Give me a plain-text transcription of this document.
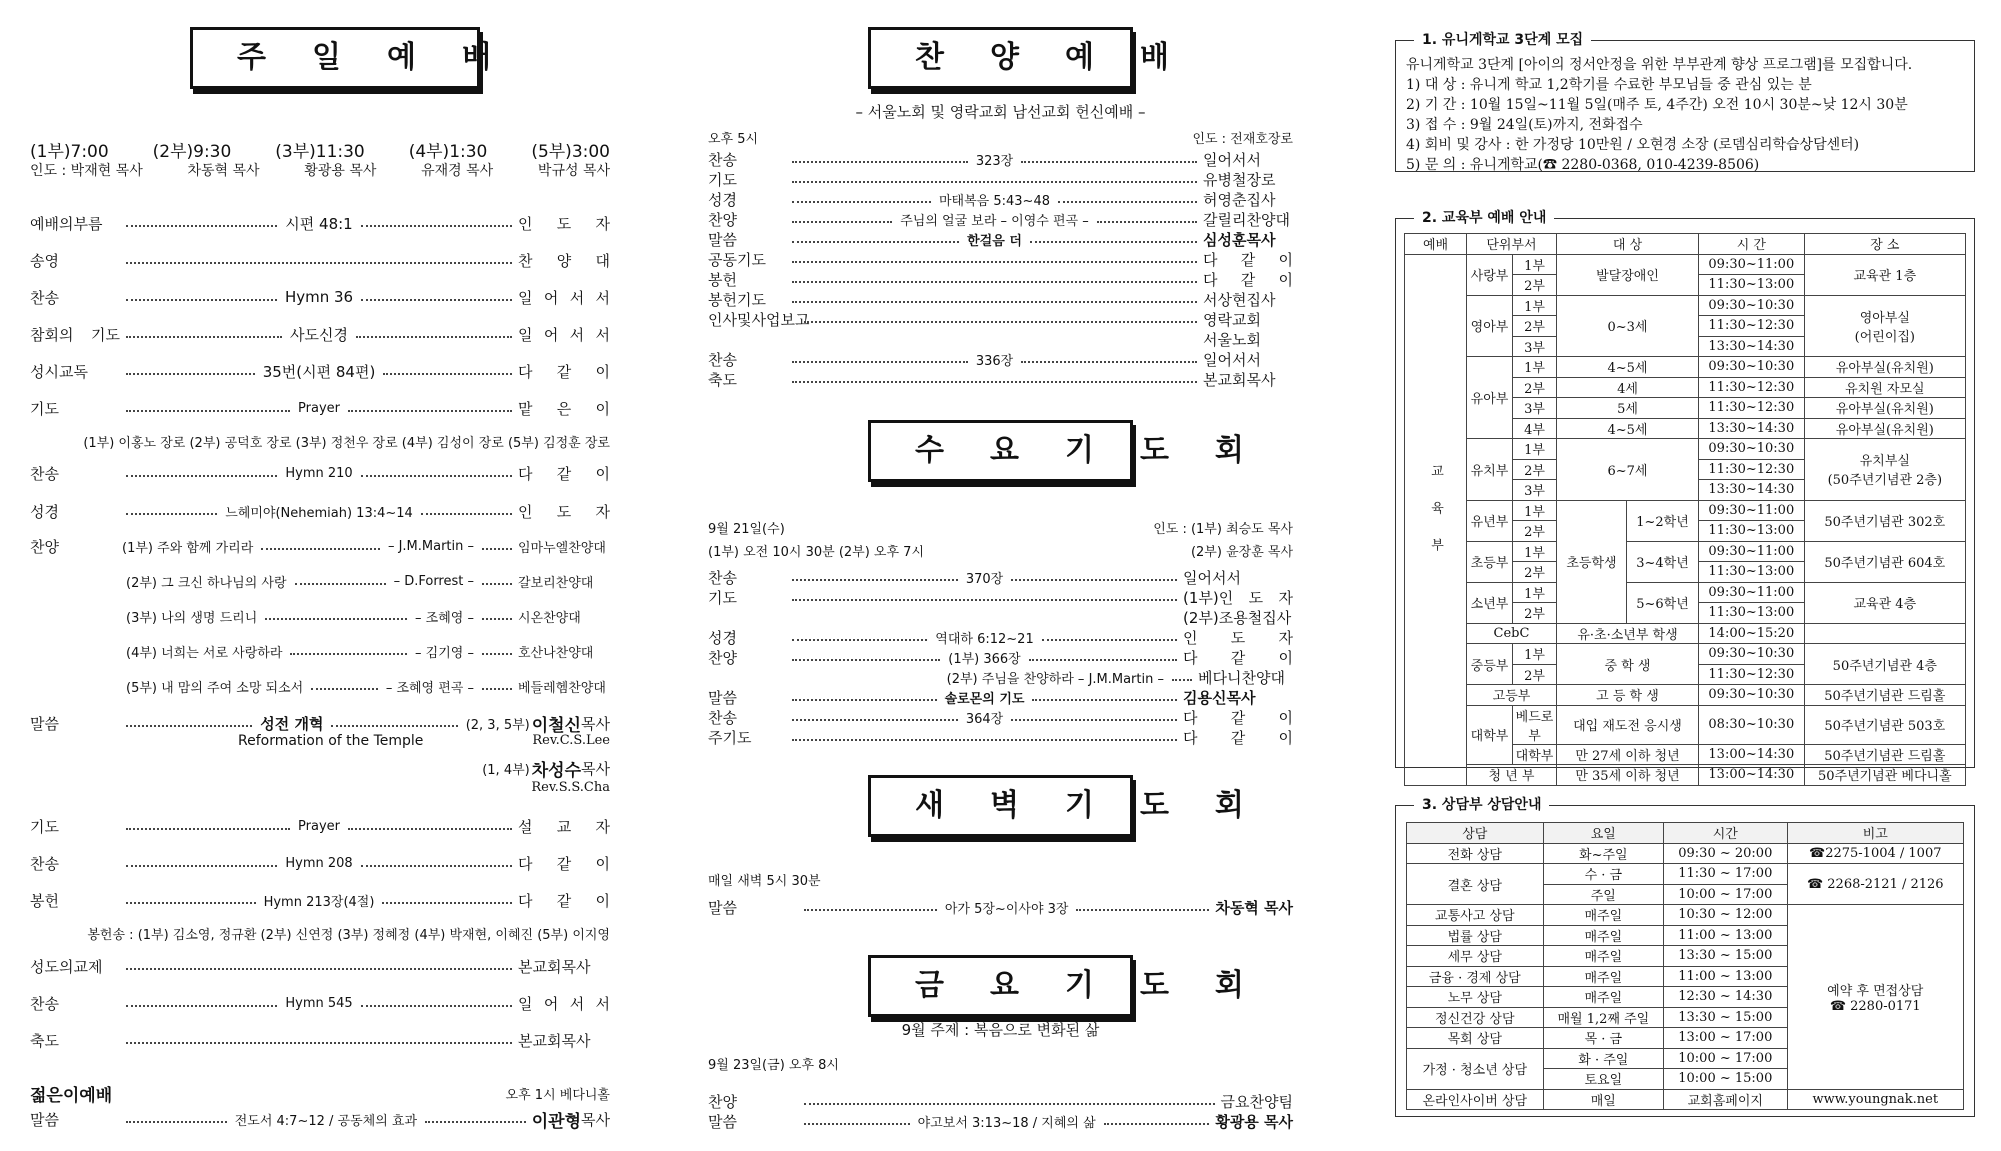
주일예배
(1부)7:00	(2부)9:30	(3부)11:30	(4부)1:30	(5부)3:00
인도 : 박재현 목사	차동혁 목사	황광용 목사	유재경 목사	박규성 목사
예배의부름	시편 48:1	인 도 자
송영	찬 양 대
찬송	Hymn 36	일 어 서 서
참회의 기도	사도신경	일 어 서 서
성시교독	35번(시편 84편)	다 같 이
기도	Prayer	맡 은 이
(1부) 이홍노 장로 (2부) 공덕호 장로 (3부) 정천우 장로 (4부) 김성이 장로 (5부) 김정훈 장로
찬송	Hymn 210	다 같 이
성경	느헤미야(Nehemiah) 13:4~14	인 도 자
찬양	(1부) 주와 함께 가리라	– J.M.Martin –	임마누엘찬양대
(2부) 그 크신 하나님의 사랑	– D.Forrest –	갈보리찬양대
(3부) 나의 생명 드리니	– 조혜영 –	시온찬양대
(4부) 너희는 서로 사랑하라	– 김기영 –	호산나찬양대
(5부) 내 맘의 주여 소망 되소서	– 조혜영 편곡 –	베들레헴찬양대
말씀	성전 개혁	(2, 3, 5부) 이철신 목사
Reformation of the Temple	Rev.C.S.Lee
(1, 4부) 차성수 목사
Rev.S.S.Cha
기도	Prayer	설 교 자
찬송	Hymn 208	다 같 이
봉헌	Hymn 213장(4절)	다 같 이
봉헌송 : (1부) 김소영, 정규환 (2부) 신연정 (3부) 정혜정 (4부) 박재현, 이혜진 (5부) 이지영
성도의교제	본교회목사
찬송	Hymn 545	일 어 서 서
축도	본교회목사
젊은이예배	오후 1시 베다니홀
말씀	전도서 4:7~12 / 공동체의 효과	이관형 목사
찬양예배
– 서울노회 및 영락교회 남선교회 헌신예배 –
오후 5시	인도 : 전재호장로
찬송	323장	일어서서
기도	유병철장로
성경	마태복음 5:43~48	허영춘집사
찬양	주님의 얼굴 보라 – 이영수 편곡 –	갈릴리찬양대
말씀	한걸음 더	심성훈목사
공동기도	다 같 이
봉헌	다 같 이
봉헌기도	서상현집사
인사및사업보고	영락교회
서울노회
찬송	336장	일어서서
축도	본교회목사
수요기도회
9월 21일(수)	인도 : (1부) 최승도 목사
(1부) 오전 10시 30분 (2부) 오후 7시	(2부) 윤장훈 목사
찬송	370장	일어서서
기도	(1부)인 도 자
(2부)조용철집사
성경	역대하 6:12~21	인 도 자
찬양	(1부) 366장	다 같 이
(2부) 주님을 찬양하라 – J.M.Martin – 베다니찬양대
말씀	솔로몬의 기도	김용신목사
찬송	364장	다 같 이
주기도	다 같 이
새벽기도회
매일 새벽 5시 30분
말씀	아가 5장~이사야 3장	차동혁 목사
금요기도회
9월 주제 : 복음으로 변화된 삶
9월 23일(금) 오후 8시
찬양	금요찬양팀
말씀	야고보서 3:13~18 / 지혜의 삶	황광용 목사
1. 유니게학교 3단계 모집
유니게학교 3단계 [아이의 정서안정을 위한 부부관계 향상 프로그램]를 모집합니다.
1) 대 상 : 유니게 학교 1,2학기를 수료한 부모님들 중 관심 있는 분
2) 기 간 : 10월 15일~11월 5일(매주 토, 4주간) 오전 10시 30분~낮 12시 30분
3) 접 수 : 9월 24일(토)까지, 전화접수
4) 회비 및 강사 : 한 가정당 10만원 / 오현경 소장 (로뎀심리학습상담센터)
5) 문 의 : 유니게학교(☎ 2280-0368, 010-4239-8506)
2. 교육부 예배 안내
예배	단위부서		대 상		시 간	장 소
교육부	사랑부	1부	발달장애인		09:30~11:00	교육관 1층
		2부			11:30~13:00	
	영아부	1부	0~3세		09:30~10:30	영아부실
(어린이집)
		2부			11:30~12:30	
		3부			13:30~14:30	
	유아부	1부	4~5세		09:30~10:30	유아부실(유치원)
		2부	4세		11:30~12:30	유치원 자모실
		3부	5세		11:30~12:30	유아부실(유치원)
		4부	4~5세		13:30~14:30	유아부실(유치원)
	유치부	1부	6~7세		09:30~10:30	유치부실
(50주년기념관 2층)
		2부			11:30~12:30	
		3부			13:30~14:30	
	유년부	1부	초등학생	1~2학년	09:30~11:00	50주년기념관 302호
		2부			11:30~13:00	
	초등부	1부		3~4학년	09:30~11:00	50주년기념관 604호
		2부			11:30~13:00	
	소년부	1부		5~6학년	09:30~11:00	교육관 4층
		2부			11:30~13:00	
	CebC		유·초·소년부 학생		14:00~15:20	
	중등부	1부	중 학 생		09:30~10:30	50주년기념관 4층
		2부			11:30~12:30	
	고등부		고 등 학 생		09:30~10:30	50주년기념관 드림홀
	대학부	베드로부	대입 재도전 응시생		08:30~10:30	50주년기념관 503호
		대학부	만 27세 이하 청년		13:00~14:30	50주년기념관 드림홀
	청 년 부		만 35세 이하 청년		13:00~14:30	50주년기념관 베다니홀
3. 상담부 상담안내
상담	요일	시간	비고
전화 상담	화~주일	09:30 ~ 20:00	☎2275-1004 / 1007
결혼 상담	수 · 금	11:30 ~ 17:00	☎ 2268-2121 / 2126
	주일	10:00 ~ 17:00	
교통사고 상담	매주일	10:30 ~ 12:00	예약 후 면접상담
☎ 2280-0171
법률 상담	매주일	11:00 ~ 13:00	
세무 상담	매주일	13:30 ~ 15:00	
금융 · 경제 상담	매주일	11:00 ~ 13:00	
노무 상담	매주일	12:30 ~ 14:30	
정신건강 상담	매월 1,2째 주일	13:30 ~ 15:00	
목회 상담	목 · 금	13:00 ~ 17:00	
가정 · 청소년 상담	화 · 주일	10:00 ~ 17:00	
	토요일	10:00 ~ 15:00	
온라인사이버 상담	매일	교회홈페이지	www.youngnak.net
